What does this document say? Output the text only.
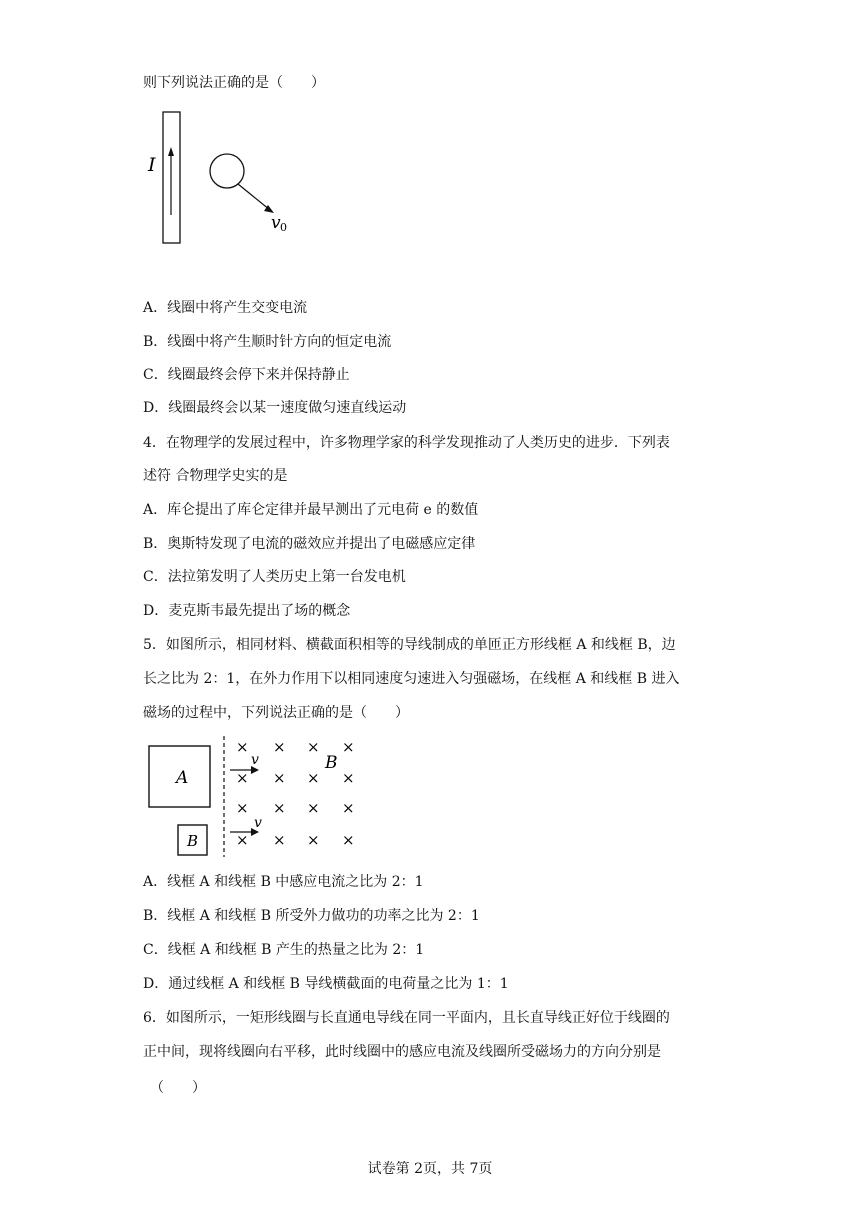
则下列说法正确的是（　　）
I
v 0
A．线圈中将产生交变电流
B．线圈中将产生顺时针方向的恒定电流
C．线圈最终会停下来并保持静止
D．线圈最终会以某一速度做匀速直线运动
4．在物理学的发展过程中，许多物理学家的科学发现推动了人类历史的进步．下列表
述符 合物理学史实的是
A．库仑提出了库仑定律并最早测出了元电荷 e 的数值
B．奥斯特发现了电流的磁效应并提出了电磁感应定律
C．法拉第发明了人类历史上第一台发电机
D．麦克斯韦最先提出了场的概念
5．如图所示，相同材料、横截面积相等的导线制成的单匝正方形线框 A 和线框 B，边
长之比为 2：1，在外力作用下以相同速度匀速进入匀强磁场，在线框 A 和线框 B 进入
磁场的过程中，下列说法正确的是（　　）
A
B
× × × ×
× × × ×
× × × ×
× × × ×
B
v
v
A．线框 A 和线框 B 中感应电流之比为 2：1
B．线框 A 和线框 B 所受外力做功的功率之比为 2：1
C．线框 A 和线框 B 产生的热量之比为 2：1
D．通过线框 A 和线框 B 导线横截面的电荷量之比为 1：1
6．如图所示，一矩形线圈与长直通电导线在同一平面内，且长直导线正好位于线圈的
正中间，现将线圈向右平移，此时线圈中的感应电流及线圈所受磁场力的方向分别是
（　　）
试卷第 2页，共 7页
